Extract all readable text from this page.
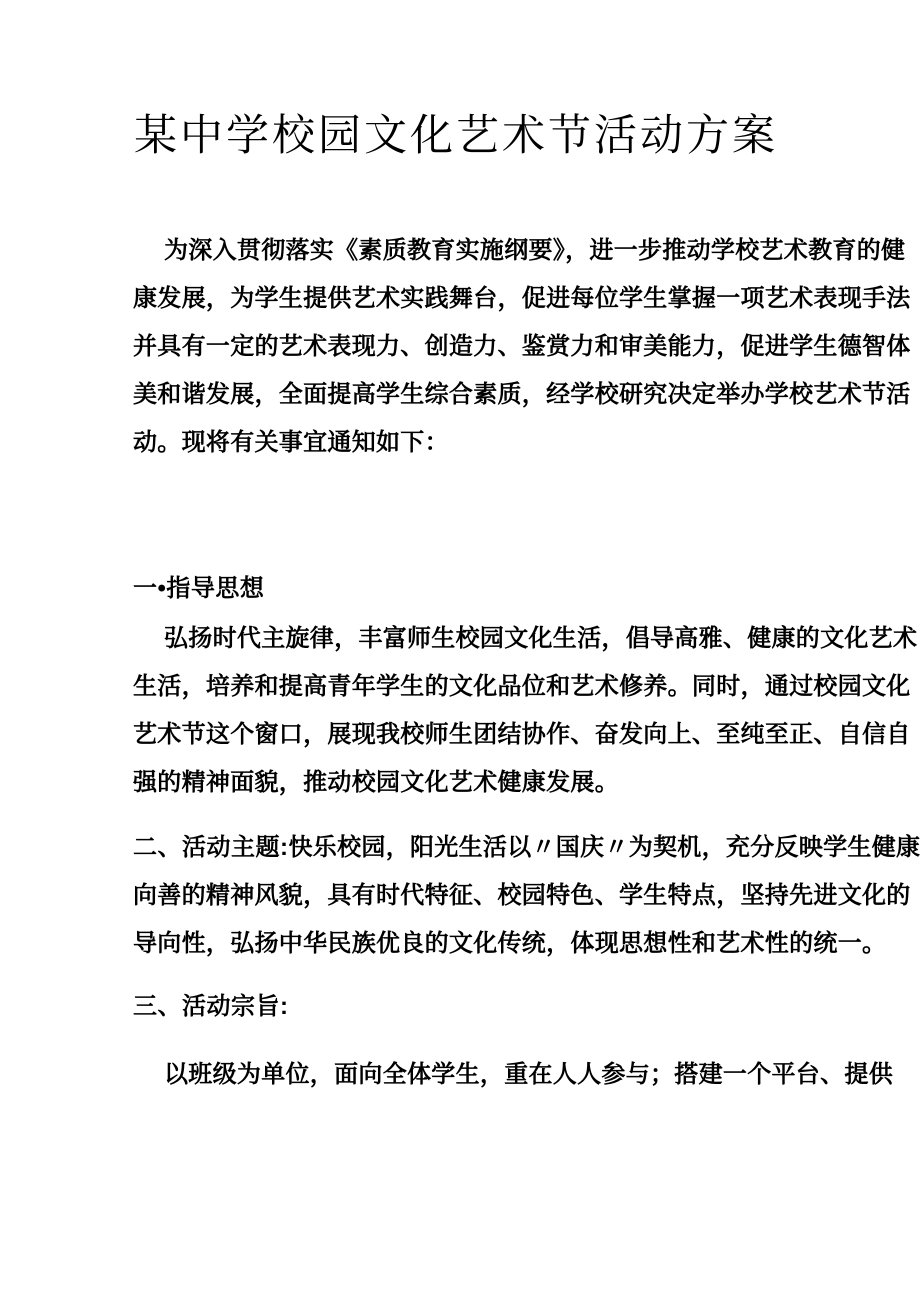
某中学校园文化艺术节活动方案
为深入贯彻落实《素质教育实施纲要》，进一步推动学校艺术教育的健
康发展，为学生提供艺术实践舞台，促进每位学生掌握一项艺术表现手法
并具有一定的艺术表现力、创造力、鉴赏力和审美能力，促进学生德智体
美和谐发展，全面提高学生综合素质，经学校研究决定举办学校艺术节活
动。现将有关事宜通知如下：
一•指导思想
弘扬时代主旋律，丰富师生校园文化生活，倡导高雅、健康的文化艺术
生活，培养和提高青年学生的文化品位和艺术修养。同时，通过校园文化
艺术节这个窗口，展现我校师生团结协作、奋发向上、至纯至正、自信自
强的精神面貌，推动校园文化艺术健康发展。
二、活动主题:快乐校园，阳光生活以〃国庆〃为契机，充分反映学生健康
向善的精神风貌，具有时代特征、校园特色、学生特点，坚持先进文化的
导向性，弘扬中华民族优良的文化传统，体现思想性和艺术性的统一。
三、活动宗旨:
以班级为单位，面向全体学生，重在人人参与；搭建一个平台、提供
